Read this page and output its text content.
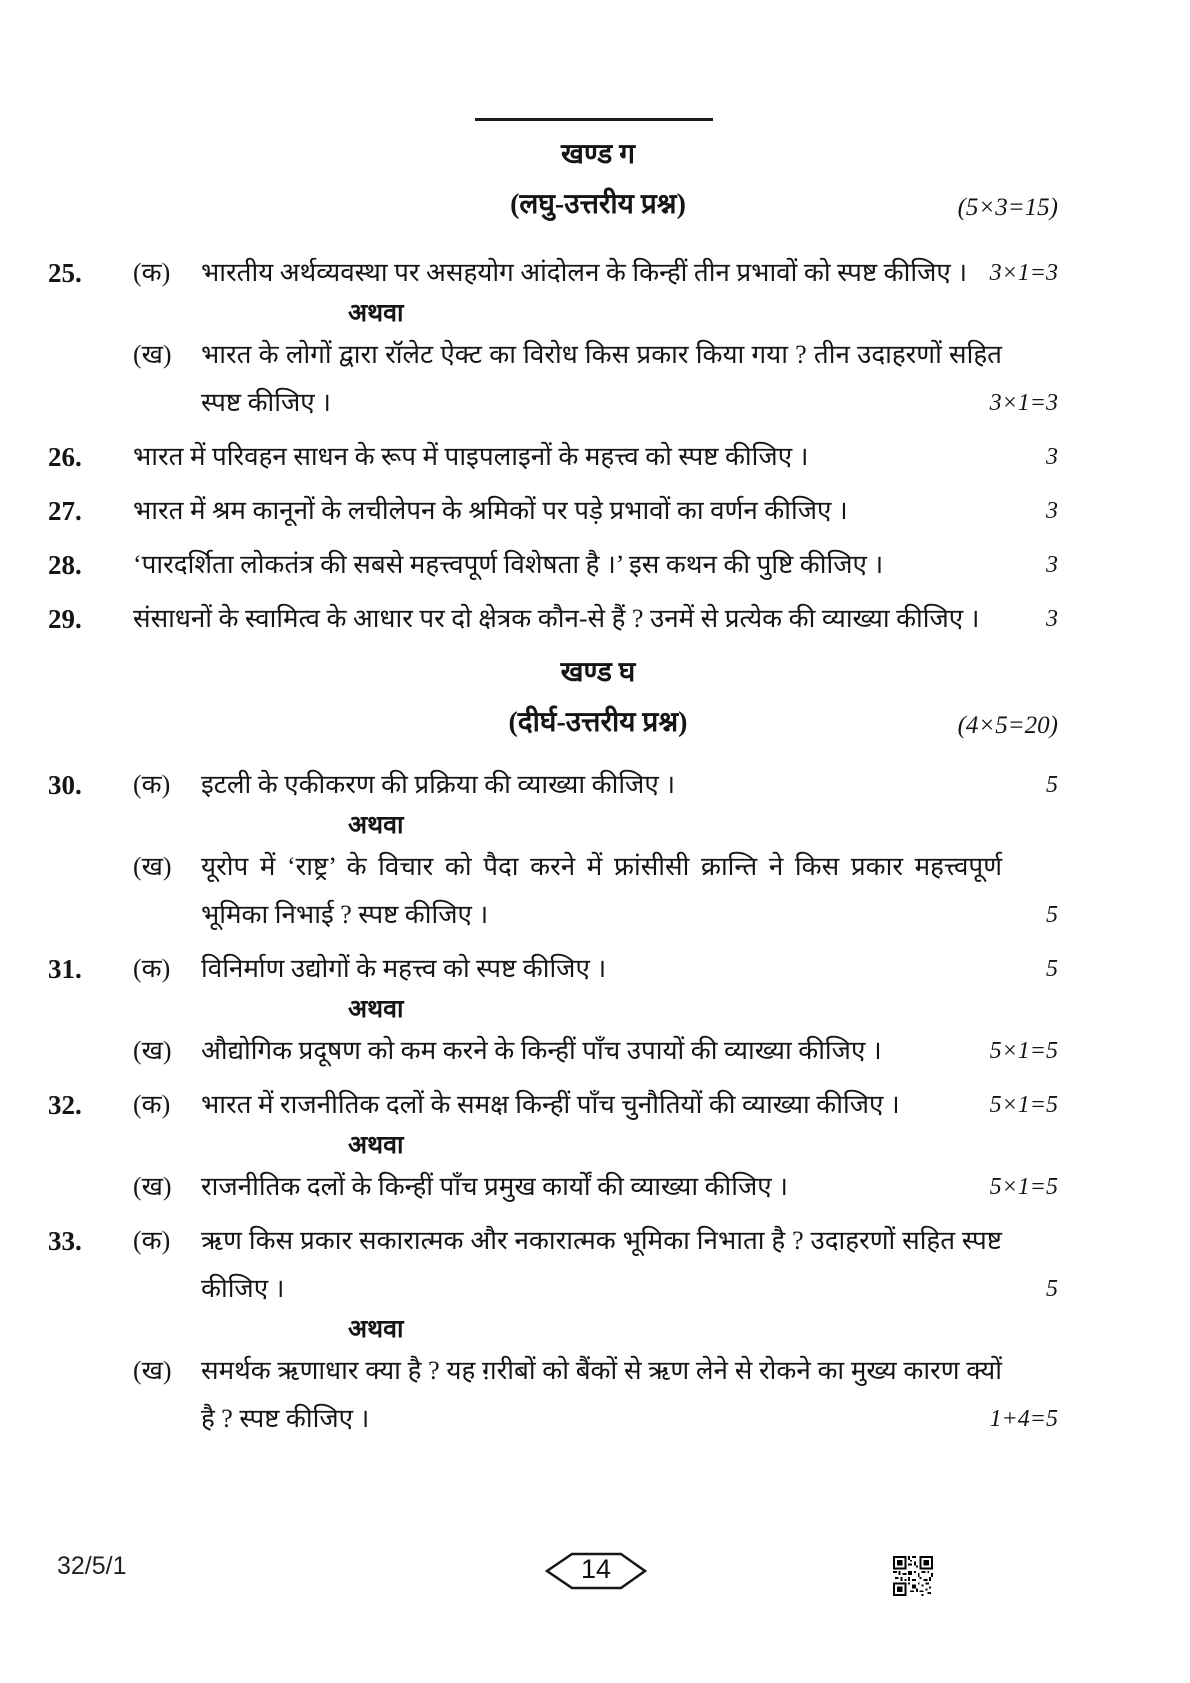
खण्ड ग
(लघु-उत्तरीय प्रश्न)	(5×3=15)
25.	(क)	भारतीय अर्थव्यवस्था पर असहयोग आंदोलन के किन्हीं तीन प्रभावों को स्पष्ट कीजिए । 3×1=3
अथवा
(ख)	भारत के लोगों द्वारा रॉलेट ऐक्ट का विरोध किस प्रकार किया गया ? तीन उदाहरणों सहित स्पष्ट कीजिए ।	3×1=3
26.	भारत में परिवहन साधन के रूप में पाइपलाइनों के महत्त्व को स्पष्ट कीजिए ।	3
27.	भारत में श्रम कानूनों के लचीलेपन के श्रमिकों पर पड़े प्रभावों का वर्णन कीजिए ।	3
28.	‘पारदर्शिता लोकतंत्र की सबसे महत्त्वपूर्ण विशेषता है ।’ इस कथन की पुष्टि कीजिए ।	3
29.	संसाधनों के स्वामित्व के आधार पर दो क्षेत्रक कौन-से हैं ? उनमें से प्रत्येक की व्याख्या कीजिए ।	3
खण्ड घ
(दीर्घ-उत्तरीय प्रश्न)	(4×5=20)
30.	(क)	इटली के एकीकरण की प्रक्रिया की व्याख्या कीजिए ।	5
अथवा
(ख)	यूरोप में ‘राष्ट्र’ के विचार को पैदा करने में फ्रांसीसी क्रान्ति ने किस प्रकार महत्त्वपूर्ण भूमिका निभाई ? स्पष्ट कीजिए ।	5
31.	(क)	विनिर्माण उद्योगों के महत्त्व को स्पष्ट कीजिए ।	5
अथवा
(ख)	औद्योगिक प्रदूषण को कम करने के किन्हीं पाँच उपायों की व्याख्या कीजिए ।	5×1=5
32.	(क)	भारत में राजनीतिक दलों के समक्ष किन्हीं पाँच चुनौतियों की व्याख्या कीजिए ।	5×1=5
अथवा
(ख)	राजनीतिक दलों के किन्हीं पाँच प्रमुख कार्यों की व्याख्या कीजिए ।	5×1=5
33.	(क)	ऋण किस प्रकार सकारात्मक और नकारात्मक भूमिका निभाता है ? उदाहरणों सहित स्पष्ट कीजिए ।	5
अथवा
(ख)	समर्थक ऋणाधार क्या है ? यह ग़रीबों को बैंकों से ऋण लेने से रोकने का मुख्य कारण क्यों है ? स्पष्ट कीजिए ।	1+4=5
32/5/1	14
